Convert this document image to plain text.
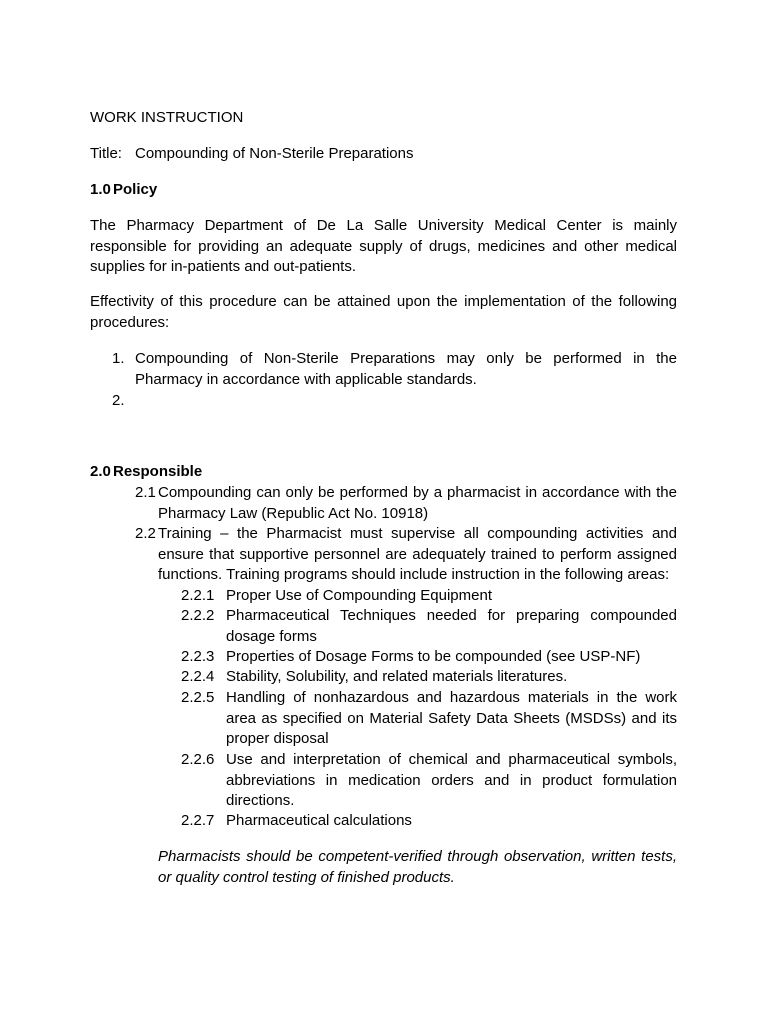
WORK INSTRUCTION
Title: Compounding of Non-Sterile Preparations
1.0 Policy
The Pharmacy Department of De La Salle University Medical Center is mainly responsible for providing an adequate supply of drugs, medicines and other medical supplies for in-patients and out-patients.
Effectivity of this procedure can be attained upon the implementation of the following procedures:
1. Compounding of Non-Sterile Preparations may only be performed in the Pharmacy in accordance with applicable standards.
2.
2.0 Responsible
2.1 Compounding can only be performed by a pharmacist in accordance with the Pharmacy Law (Republic Act No. 10918)
2.2 Training – the Pharmacist must supervise all compounding activities and ensure that supportive personnel are adequately trained to perform assigned functions. Training programs should include instruction in the following areas:
2.2.1 Proper Use of Compounding Equipment
2.2.2 Pharmaceutical Techniques needed for preparing compounded dosage forms
2.2.3 Properties of Dosage Forms to be compounded (see USP-NF)
2.2.4 Stability, Solubility, and related materials literatures.
2.2.5 Handling of nonhazardous and hazardous materials in the work area as specified on Material Safety Data Sheets (MSDSs) and its proper disposal
2.2.6 Use and interpretation of chemical and pharmaceutical symbols, abbreviations in medication orders and in product formulation directions.
2.2.7 Pharmaceutical calculations
Pharmacists should be competent-verified through observation, written tests, or quality control testing of finished products.
